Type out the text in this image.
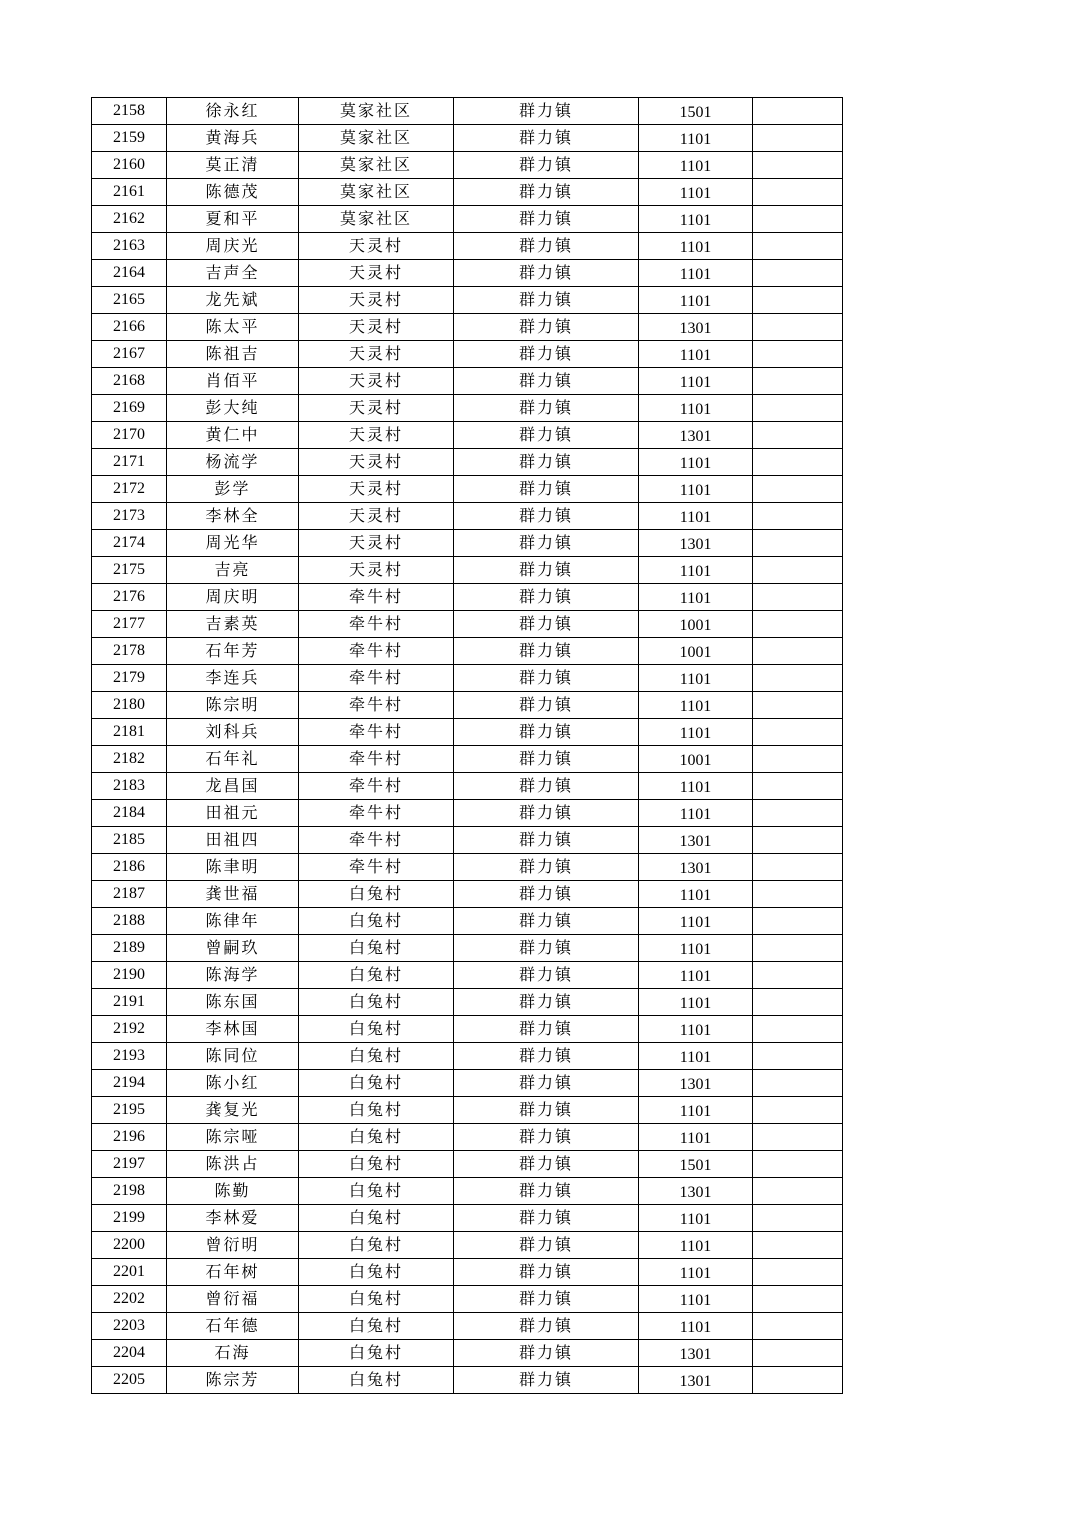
2158	徐永红	莫家社区	群力镇	1501	
2159	黄海兵	莫家社区	群力镇	1101	
2160	莫正清	莫家社区	群力镇	1101	
2161	陈德茂	莫家社区	群力镇	1101	
2162	夏和平	莫家社区	群力镇	1101	
2163	周庆光	天灵村	群力镇	1101	
2164	吉声全	天灵村	群力镇	1101	
2165	龙先斌	天灵村	群力镇	1101	
2166	陈太平	天灵村	群力镇	1301	
2167	陈祖吉	天灵村	群力镇	1101	
2168	肖佰平	天灵村	群力镇	1101	
2169	彭大纯	天灵村	群力镇	1101	
2170	黄仁中	天灵村	群力镇	1301	
2171	杨流学	天灵村	群力镇	1101	
2172	彭学	天灵村	群力镇	1101	
2173	李林全	天灵村	群力镇	1101	
2174	周光华	天灵村	群力镇	1301	
2175	吉亮	天灵村	群力镇	1101	
2176	周庆明	牵牛村	群力镇	1101	
2177	吉素英	牵牛村	群力镇	1001	
2178	石年芳	牵牛村	群力镇	1001	
2179	李连兵	牵牛村	群力镇	1101	
2180	陈宗明	牵牛村	群力镇	1101	
2181	刘科兵	牵牛村	群力镇	1101	
2182	石年礼	牵牛村	群力镇	1001	
2183	龙昌国	牵牛村	群力镇	1101	
2184	田祖元	牵牛村	群力镇	1101	
2185	田祖四	牵牛村	群力镇	1301	
2186	陈聿明	牵牛村	群力镇	1301	
2187	龚世福	白兔村	群力镇	1101	
2188	陈律年	白兔村	群力镇	1101	
2189	曾嗣玖	白兔村	群力镇	1101	
2190	陈海学	白兔村	群力镇	1101	
2191	陈东国	白兔村	群力镇	1101	
2192	李林国	白兔村	群力镇	1101	
2193	陈同位	白兔村	群力镇	1101	
2194	陈小红	白兔村	群力镇	1301	
2195	龚复光	白兔村	群力镇	1101	
2196	陈宗哑	白兔村	群力镇	1101	
2197	陈洪占	白兔村	群力镇	1501	
2198	陈勤	白兔村	群力镇	1301	
2199	李林爱	白兔村	群力镇	1101	
2200	曾衍明	白兔村	群力镇	1101	
2201	石年树	白兔村	群力镇	1101	
2202	曾衍福	白兔村	群力镇	1101	
2203	石年德	白兔村	群力镇	1101	
2204	石海	白兔村	群力镇	1301	
2205	陈宗芳	白兔村	群力镇	1301	
